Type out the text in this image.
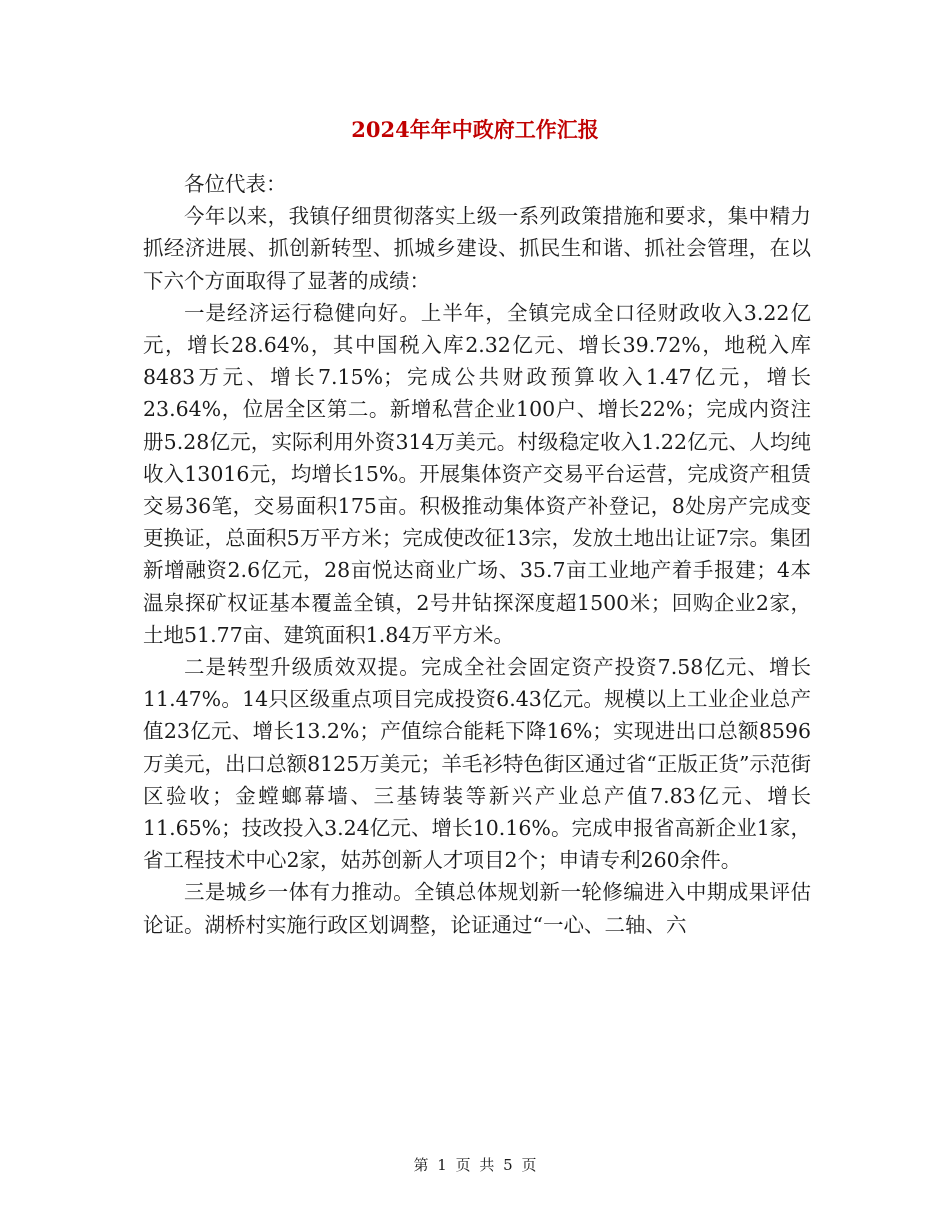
2024年年中政府工作汇报

各位代表：

今年以来，我镇仔细贯彻落实上级一系列政策措施和要求，集中精力抓经济进展、抓创新转型、抓城乡建设、抓民生和谐、抓社会管理，在以下六个方面取得了显著的成绩：

一是经济运行稳健向好。上半年，全镇完成全口径财政收入3.22亿元，增长28.64%，其中国税入库2.32亿元、增长39.72%，地税入库8483万元、增长7.15%；完成公共财政预算收入1.47亿元，增长23.64%，位居全区第二。新增私营企业100户、增长22%；完成内资注册5.28亿元，实际利用外资314万美元。村级稳定收入1.22亿元、人均纯收入13016元，均增长15%。开展集体资产交易平台运营，完成资产租赁交易36笔，交易面积175亩。积极推动集体资产补登记，8处房产完成变更换证，总面积5万平方米；完成使改征13宗，发放土地出让证7宗。集团新增融资2.6亿元，28亩悦达商业广场、35.7亩工业地产着手报建；4本温泉探矿权证基本覆盖全镇，2号井钻探深度超1500米；回购企业2家，土地51.77亩、建筑面积1.84万平方米。

二是转型升级质效双提。完成全社会固定资产投资7.58亿元、增长11.47%。14只区级重点项目完成投资6.43亿元。规模以上工业企业总产值23亿元、增长13.2%；产值综合能耗下降16%；实现进出口总额8596万美元，出口总额8125万美元；羊毛衫特色街区通过省“正版正货”示范街区验收；金螳螂幕墙、三基铸装等新兴产业总产值7.83亿元、增长11.65%；技改投入3.24亿元、增长10.16%。完成申报省高新企业1家，省工程技术中心2家，姑苏创新人才项目2个；申请专利260余件。

三是城乡一体有力推动。全镇总体规划新一轮修编进入中期成果评估论证。湖桥村实施行政区划调整，论证通过“一心、二轴、六

第 1 页 共 5 页
